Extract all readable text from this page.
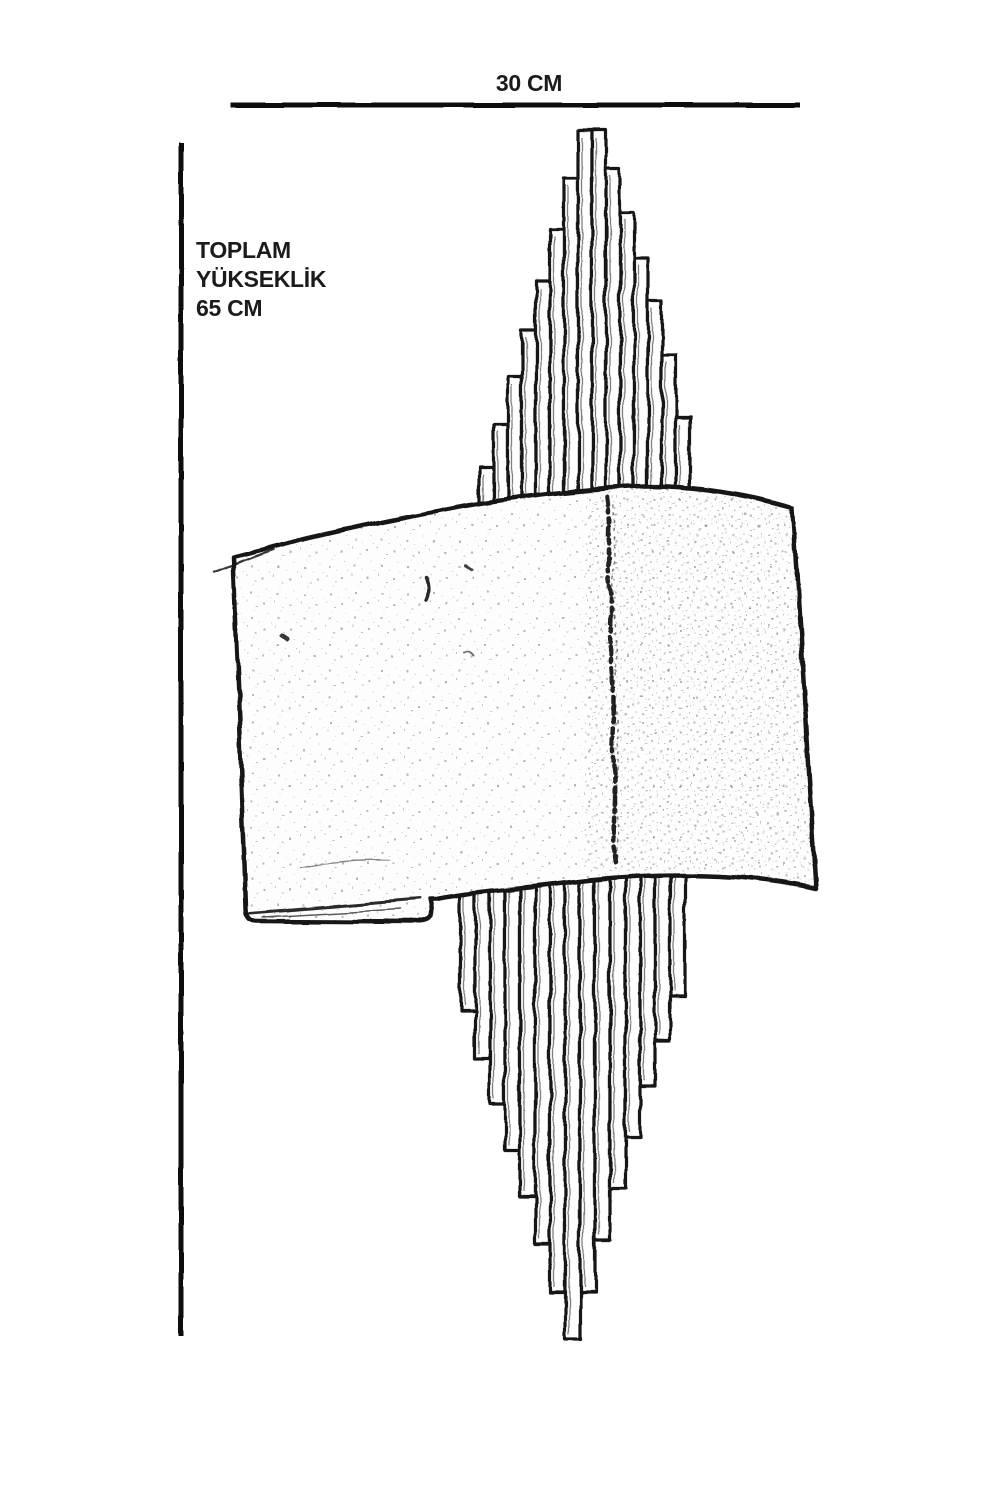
30 CM
TOPLAM
YÜKSEKLİK
65 CM
